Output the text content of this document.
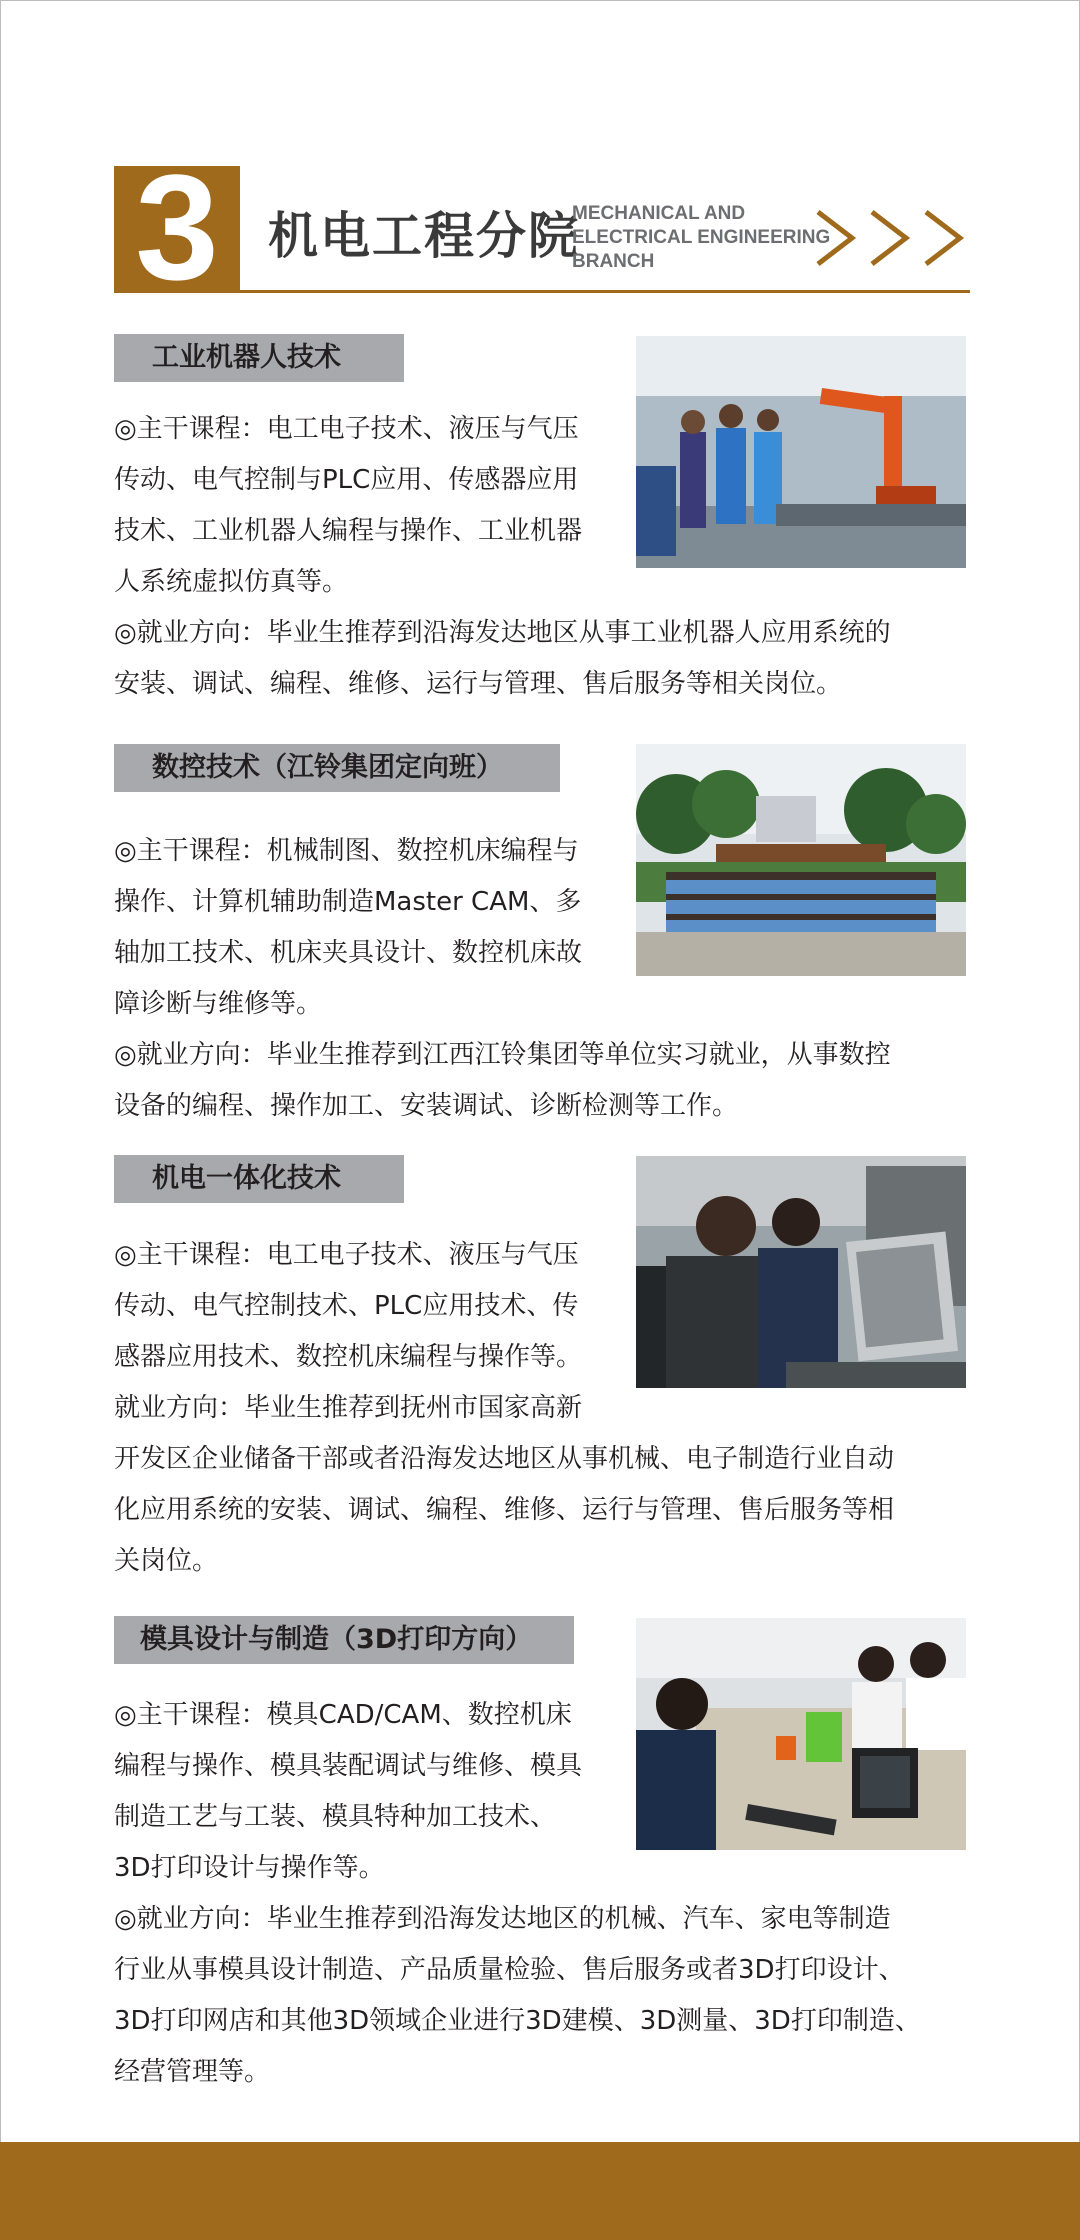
3 机电工程分院
MECHANICAL AND
ELECTRICAL ENGINEERING
BRANCH
工业机器人技术

◎主干课程：电工电子技术、液压与气压

传动、电气控制与PLC应用、传感器应用

技术、工业机器人编程与操作、工业机器

人系统虚拟仿真等。

◎就业方向：毕业生推荐到沿海发达地区从事工业机器人应用系统的

安装、调试、编程、维修、运行与管理、售后服务等相关岗位。

数控技术（江铃集团定向班）

◎主干课程：机械制图、数控机床编程与

操作、计算机辅助制造Master CAM、多

轴加工技术、机床夹具设计、数控机床故

障诊断与维修等。

◎就业方向：毕业生推荐到江西江铃集团等单位实习就业，从事数控

设备的编程、操作加工、安装调试、诊断检测等工作。

机电一体化技术

◎主干课程：电工电子技术、液压与气压

传动、电气控制技术、PLC应用技术、传

感器应用技术、数控机床编程与操作等。

就业方向：毕业生推荐到抚州市国家高新

开发区企业储备干部或者沿海发达地区从事机械、电子制造行业自动

化应用系统的安装、调试、编程、维修、运行与管理、售后服务等相

关岗位。

模具设计与制造（3D打印方向）

◎主干课程：模具CAD/CAM、数控机床

编程与操作、模具装配调试与维修、模具

制造工艺与工装、模具特种加工技术、

3D打印设计与操作等。

◎就业方向：毕业生推荐到沿海发达地区的机械、汽车、家电等制造

行业从事模具设计制造、产品质量检验、售后服务或者3D打印设计、

3D打印网店和其他3D领域企业进行3D建模、3D测量、3D打印制造、

经营管理等。
